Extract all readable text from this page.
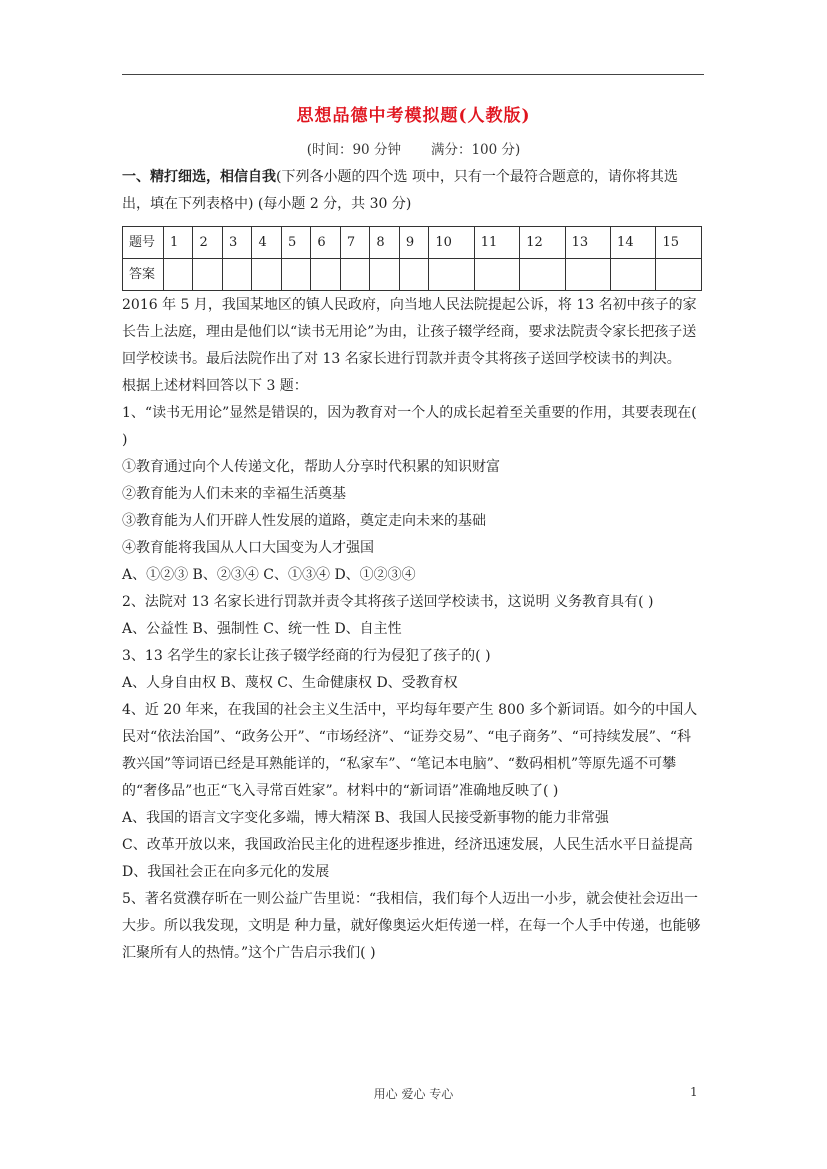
思想品德中考模拟题(人教版)
(时间：90 分钟 满分：100 分)

一、精打细选，相信自我(下列各小题的四个选 项中，只有一个最符合题意的，请你将其选出，填在下列表格中) (每小题 2 分，共 30 分)

题号	1	2	3	4	5	6	7	8	9	10	11	12	13	14	15
答案															

2016 年 5 月，我国某地区的镇人民政府，向当地人民法院提起公诉，将 13 名初中孩子的家长告上法庭，理由是他们以“读书无用论”为由，让孩子辍学经商，要求法院责令家长把孩子送回学校读书。最后法院作出了对 13 名家长进行罚款并责令其将孩子送回学校读书的判决。

根据上述材料回答以下 3 题：

1、“读书无用论”显然是错误的，因为教育对一个人的成长起着至关重要的作用，其要表现在( )

①教育通过向个人传递文化，帮助人分享时代积累的知识财富

②教育能为人们未来的幸福生活奠基

③教育能为人们开辟人性发展的道路，奠定走向未来的基础

④教育能将我国从人口大国变为人才强国

A、①②③ B、②③④ C、①③④ D、①②③④

2、法院对 13 名家长进行罚款并责令其将孩子送回学校读书，这说明 义务教育具有( )

A、公益性 B、强制性 C、统一性 D、自主性

3、13 名学生的家长让孩子辍学经商的行为侵犯了孩子的( )

A、人身自由权 B、蔑权 C、生命健康权 D、受教育权

4、近 20 年来，在我国的社会主义生活中，平均每年要产生 800 多个新词语。如今的中国人民对“依法治国”、“政务公开”、“市场经济”、“证券交易”、“电子商务”、“可持续发展”、“科教兴国”等词语已经是耳熟能详的，“私家车”、“笔记本电脑”、“数码相机”等原先遥不可攀的“奢侈品”也正“飞入寻常百姓家”。材料中的“新词语”准确地反映了( )

A、我国的语言文字变化多端，博大精深 B、我国人民接受新事物的能力非常强

C、改革开放以来，我国政治民主化的进程逐步推进，经济迅速发展，人民生活水平日益提高 D、我国社会正在向多元化的发展

5、著名赏濮存昕在一则公益广告里说：“我相信，我们每个人迈出一小步，就会使社会迈出一大步。所以我发现，文明是 种力量，就好像奥运火炬传递一样，在每一个人手中传递，也能够汇聚所有人的热情。”这个广告启示我们( )

用心 爱心 专心	1
